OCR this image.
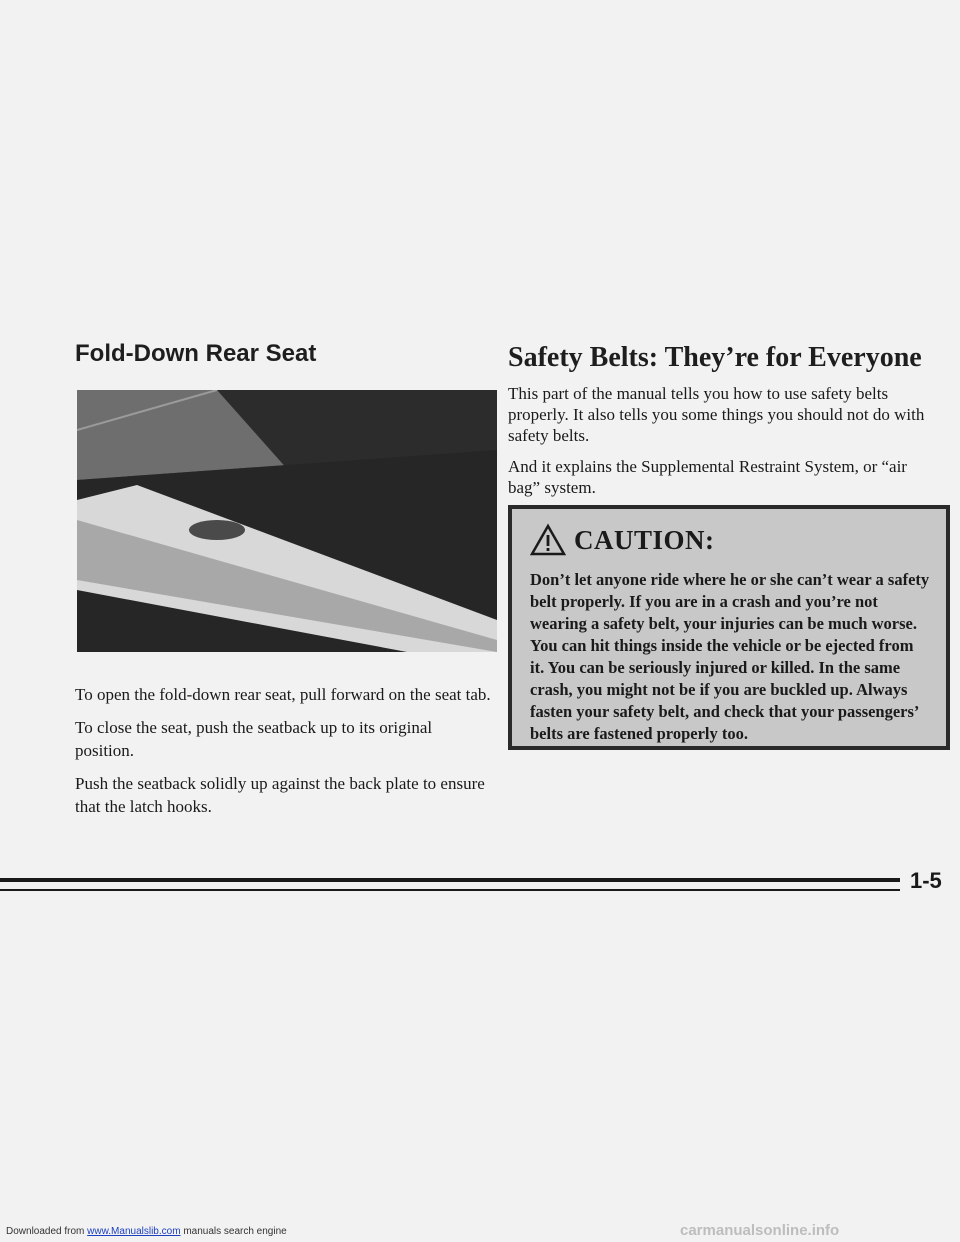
Fold-Down Rear Seat

To open the fold-down rear seat, pull forward on the seat tab.

To close the seat, push the seatback up to its original position.

Push the seatback solidly up against the back plate to ensure that the latch hooks.

Safety Belts: They’re for Everyone

This part of the manual tells you how to use safety belts properly. It also tells you some things you should not do with safety belts.

And it explains the Supplemental Restraint System, or “air bag” system.

CAUTION:
Don’t let anyone ride where he or she can’t wear a safety belt properly. If you are in a crash and you’re not wearing a safety belt, your injuries can be much worse. You can hit things inside the vehicle or be ejected from it. You can be seriously injured or killed. In the same crash, you might not be if you are buckled up. Always fasten your safety belt, and check that your passengers’ belts are fastened properly too.
1-5
Downloaded from www.Manualslib.com manuals search engine	carmanualsonline.info
